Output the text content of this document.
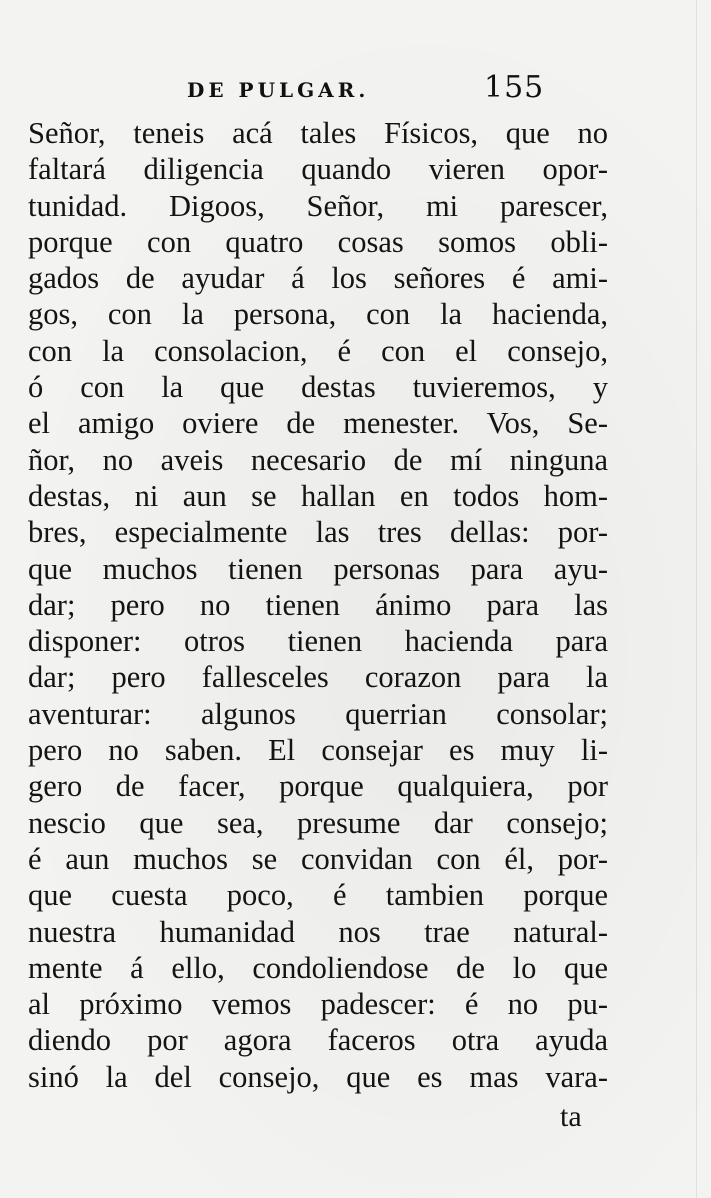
DE PULGAR.	155
Señor, teneis acá tales Físicos, que no
faltará diligencia quando vieren opor-
tunidad. Digoos, Señor, mi parescer,
porque con quatro cosas somos obli-
gados de ayudar á los señores é ami-
gos, con la persona, con la hacienda,
con la consolacion, é con el consejo,
ó con la que destas tuvieremos, y
el amigo oviere de menester. Vos, Se-
ñor, no aveis necesario de mí ninguna
destas, ni aun se hallan en todos hom-
bres, especialmente las tres dellas: por-
que muchos tienen personas para ayu-
dar; pero no tienen ánimo para las
disponer: otros tienen hacienda para
dar; pero fallesceles corazon para la
aventurar: algunos querrian consolar;
pero no saben. El consejar es muy li-
gero de facer, porque qualquiera, por
nescio que sea, presume dar consejo;
é aun muchos se convidan con él, por-
que cuesta poco, é tambien porque
nuestra humanidad nos trae natural-
mente á ello, condoliendose de lo que
al próximo vemos padescer: é no pu-
diendo por agora faceros otra ayuda
sinó la del consejo, que es mas vara-
ta
